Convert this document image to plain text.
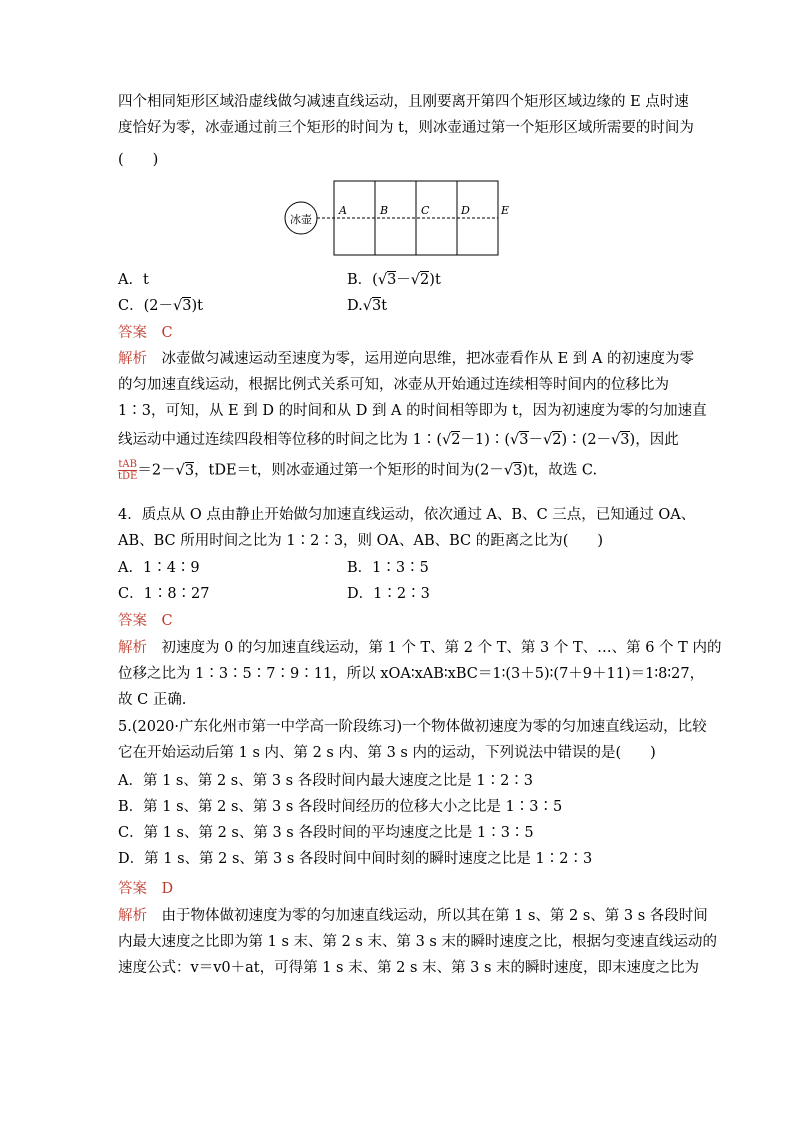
四个相同矩形区域沿虚线做匀减速直线运动，且刚要离开第四个矩形区域边缘的 E 点时速
度恰好为零，冰壶通过前三个矩形的时间为 t，则冰壶通过第一个矩形区域所需要的时间为
(　　)
冰壶
A	B	C	D	E
A．t	B．(√3－√2)t
C．(2－√3)t	D.√3t
答案　 C
解析　 冰壶做匀减速运动至速度为零，运用逆向思维，把冰壶看作从 E 到 A 的初速度为零
的匀加速直线运动，根据比例式关系可知，冰壶从开始通过连续相等时间内的位移比为
1∶3，可知，从 E 到 D 的时间和从 D 到 A 的时间相等即为 t，因为初速度为零的匀加速直
线运动中通过连续四段相等位移的时间之比为 1∶(√2－1)∶(√3－√2)∶(2－√3)，因此
$\frac{\text{tAB}}{\text{tDE}} =2-√3$，tDE＝t，则冰壶通过第一个矩形的时间为(2－√3)t，故选 C.
4．质点从 O 点由静止开始做匀加速直线运动，依次通过 A、B、C 三点，已知通过 OA、
AB、BC 所用时间之比为 1∶2∶3，则 OA、AB、BC 的距离之比为(　　)
A．1∶4∶9	B．1∶3∶5
C．1∶8∶27	D．1∶2∶3
答案　 C
解析　 初速度为 0 的匀加速直线运动，第 1 个 T、第 2 个 T、第 3 个 T、…、第 6 个 T 内的
位移之比为 1∶3∶5∶7∶9∶11，所以 xOA∶xAB∶xBC＝1∶(3＋5)∶(7＋9＋11)＝1∶8∶27，
故 C 正确.
5.(2020·广东化州市第一中学高一阶段练习)一个物体做初速度为零的匀加速直线运动，比较
它在开始运动后第 1 s 内、第 2 s 内、第 3 s 内的运动，下列说法中错误的是(　　)
A．第 1 s、第 2 s、第 3 s 各段时间内最大速度之比是 1∶2∶3
B．第 1 s、第 2 s、第 3 s 各段时间经历的位移大小之比是 1∶3∶5
C．第 1 s、第 2 s、第 3 s 各段时间的平均速度之比是 1∶3∶5
D．第 1 s、第 2 s、第 3 s 各段时间中间时刻的瞬时速度之比是 1∶2∶3
答案　 D
解析　 由于物体做初速度为零的匀加速直线运动，所以其在第 1 s、第 2 s、第 3 s 各段时间
内最大速度之比即为第 1 s 末、第 2 s 末、第 3 s 末的瞬时速度之比，根据匀变速直线运动的
速度公式：v＝v0＋at，可得第 1 s 末、第 2 s 末、第 3 s 末的瞬时速度，即末速度之比为
